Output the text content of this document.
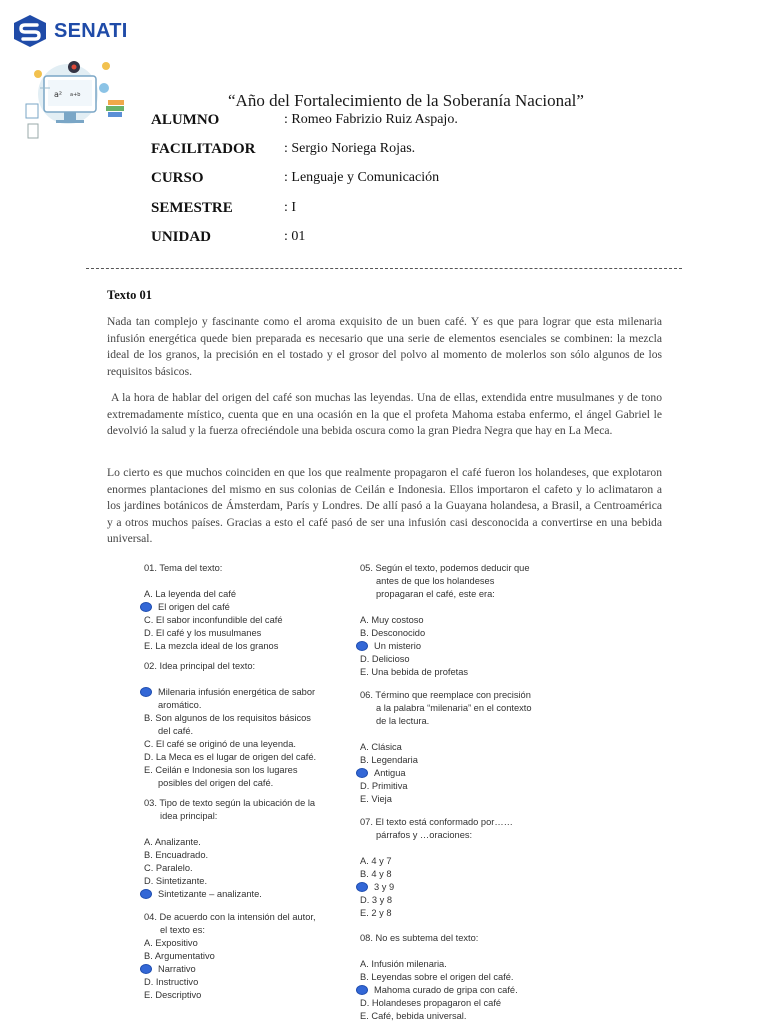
SENATI
a² a+b	“Año del Fortalecimiento de la Soberanía Nacional”
ALUMNO	: Romeo Fabrizio Ruiz Aspajo.
FACILITADOR : Sergio Noriega Rojas.
CURSO	: Lenguaje y Comunicación
SEMESTRE	: I
UNIDAD	: 01
Texto 01

Nada tan complejo y fascinante como el aroma exquisito de un buen café. Y es que para lograr que esta milenaria infusión energética quede bien preparada es necesario que una serie de elementos esenciales se combinen: la mezcla ideal de los granos, la precisión en el tostado y el grosor del polvo al momento de molerlos son sólo algunos de los requisitos básicos.

A la hora de hablar del origen del café son muchas las leyendas. Una de ellas, extendida entre musulmanes y de tono extremadamente místico, cuenta que en una ocasión en la que el profeta Mahoma estaba enfermo, el ángel Gabriel le devolvió la salud y la fuerza ofreciéndole una bebida oscura como la gran Piedra Negra que hay en La Meca.

Lo cierto es que muchos coinciden en que los que realmente propagaron el café fueron los holandeses, que explotaron enormes plantaciones del mismo en sus colonias de Ceilán e Indonesia. Ellos importaron el cafeto y lo aclimataron a los jardines botánicos de Ámsterdam, París y Londres. De allí pasó a la Guayana holandesa, a Brasil, a Centroamérica y a otros muchos países. Gracias a esto el café pasó de ser una infusión casi desconocida a convertirse en una bebida universal.

01. Tema del texto:
A. La leyenda del café
El origen del café
C. El sabor inconfundible del café
D. El café y los musulmanes
E. La mezcla ideal de los granos
02. Idea principal del texto:
Milenaria infusión energética de sabor
aromático.
B. Son algunos de los requisitos básicos
del café.
C. El café se originó de una leyenda.
D. La Meca es el lugar de origen del café.
E. Ceilán e Indonesia son los lugares
posibles del origen del café.
03. Tipo de texto según la ubicación de la idea principal:
A. Analizante.
B. Encuadrado.
C. Paralelo.
D. Sintetizante.
Sintetizante – analizante.
04. De acuerdo con la intensión del autor, el texto es:
A. Expositivo
B. Argumentativo
Narrativo
D. Instructivo
E. Descriptivo
05. Según el texto, podemos deducir que antes de que los holandeses propagaran el café, este era:
A. Muy costoso
B. Desconocido
Un misterio
D. Delicioso
E. Una bebida de profetas
06. Término que reemplace con precisión a la palabra “milenaria” en el contexto de la lectura.
A. Clásica
B. Legendaria
Antigua
D. Primitiva
E. Vieja
07. El texto está conformado por……párrafos y …oraciones:
A. 4 y 7
B. 4 y 8
3 y 9
D. 3 y 8
E. 2 y 8
08. No es subtema del texto:
A. Infusión milenaria.
B. Leyendas sobre el origen del café.
Mahoma curado de gripa con café.
D. Holandeses propagaron el café
E. Café, bebida universal.
